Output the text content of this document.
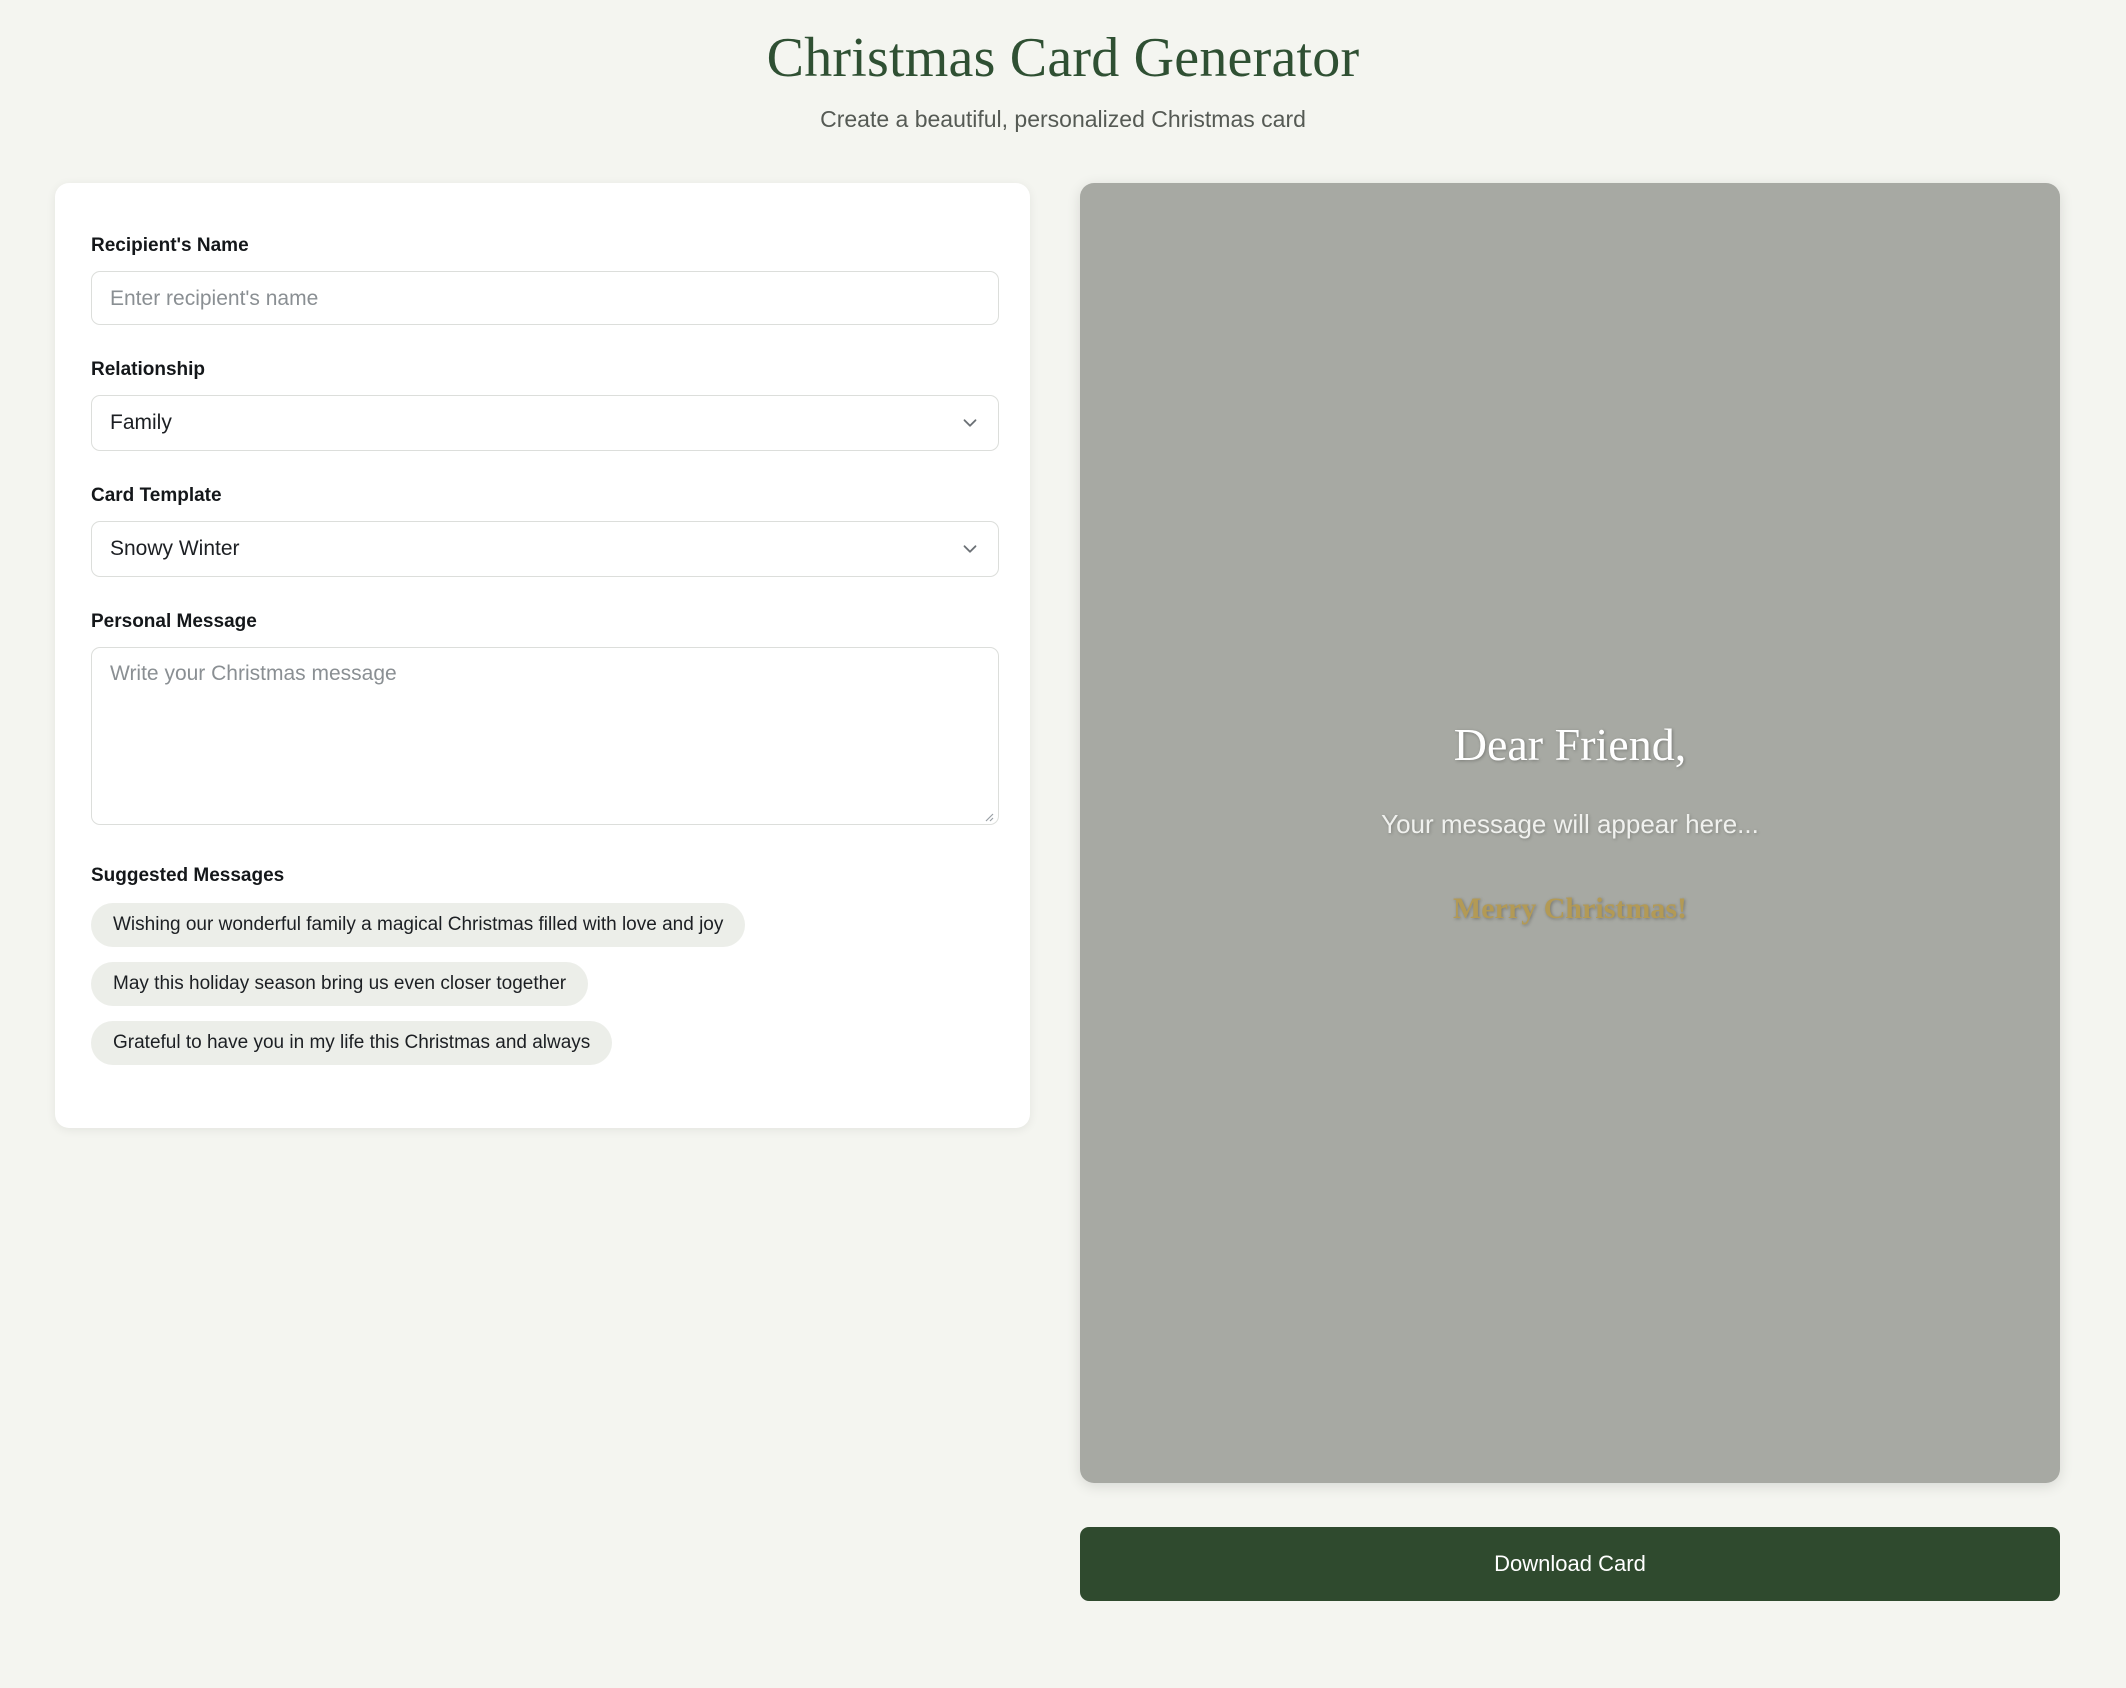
Christmas Card Generator

Create a beautiful, personalized Christmas card

Recipient's Name
Enter recipient's name
Relationship
Family
Card Template
Snowy Winter
Personal Message
Write your Christmas message
Suggested Messages
Wishing our wonderful family a magical Christmas filled with love and joy
May this holiday season bring us even closer together
Grateful to have you in my life this Christmas and always
Dear Friend,
Your message will appear here...
Merry Christmas!
Download Card
